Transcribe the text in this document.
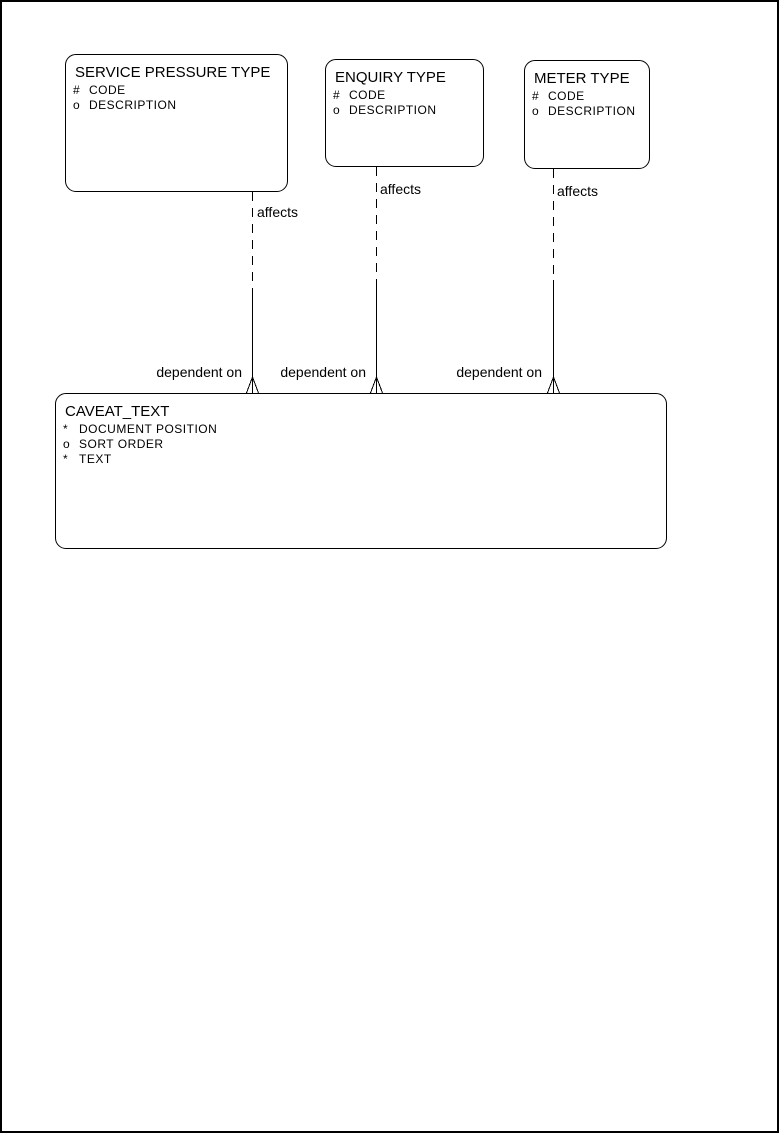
SERVICE PRESSURE TYPE
# CODE
o DESCRIPTION
ENQUIRY TYPE
# CODE
o DESCRIPTION
METER TYPE
# CODE
o DESCRIPTION
CAVEAT_TEXT
* DOCUMENT POSITION
o SORT ORDER
* TEXT
affects
affects	affects
dependent on	dependent on	dependent on
